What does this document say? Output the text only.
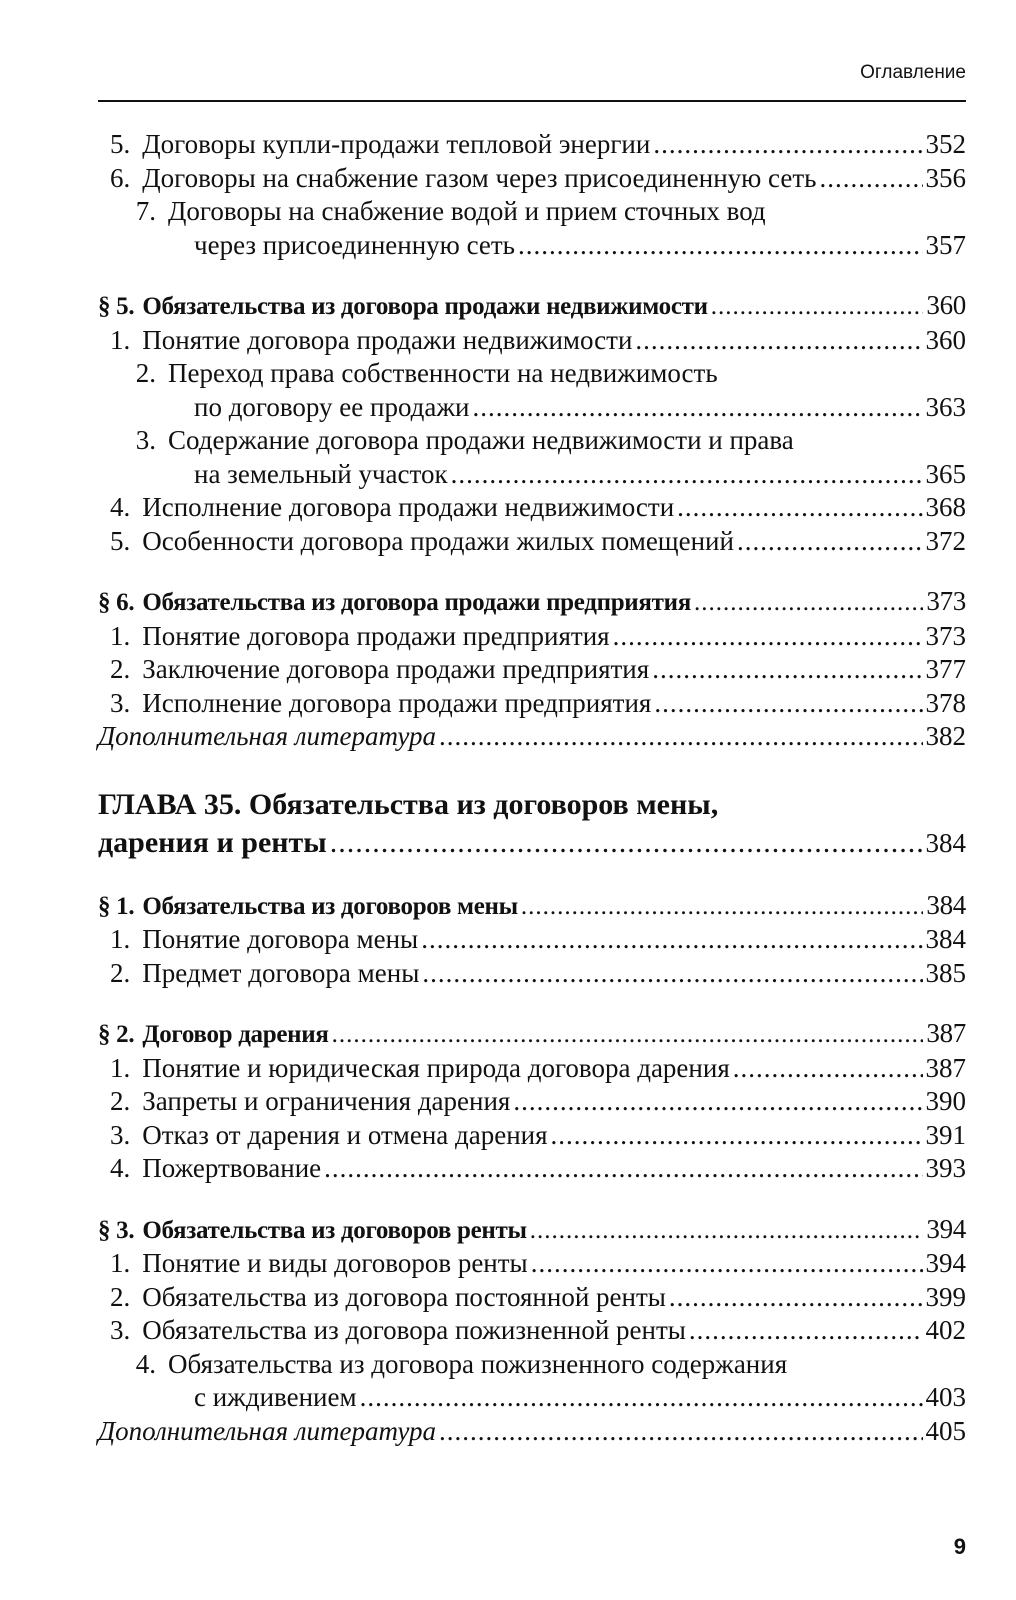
Оглавление
5. Договоры купли-продажи тепловой энергии .....	352
6. Договоры на снабжение газом через присоединенную сеть .....	356
7. Договоры на снабжение водой и прием сточных вод
через присоединенную сеть .....	357
§ 5. Обязательства из договора продажи недвижимости .....	360
1. Понятие договора продажи недвижимости .....	360
2. Переход права собственности на недвижимость
по договору ее продажи .....	363
3. Содержание договора продажи недвижимости и права
на земельный участок .....	365
4. Исполнение договора продажи недвижимости .....	368
5. Особенности договора продажи жилых помещений .....	372
§ 6. Обязательства из договора продажи предприятия .....	373
1. Понятие договора продажи предприятия .....	373
2. Заключение договора продажи предприятия .....	377
3. Исполнение договора продажи предприятия .....	378
Дополнительная литература .....	382
ГЛАВА 35. Обязательства из договоров мены,
дарения и ренты .....	384
§ 1. Обязательства из договоров мены .....	384
1. Понятие договора мены .....	384
2. Предмет договора мены .....	385
§ 2. Договор дарения .....	387
1. Понятие и юридическая природа договора дарения .....	387
2. Запреты и ограничения дарения .....	390
3. Отказ от дарения и отмена дарения .....	391
4. Пожертвование .....	393
§ 3. Обязательства из договоров ренты .....	394
1. Понятие и виды договоров ренты .....	394
2. Обязательства из договора постоянной ренты .....	399
3. Обязательства из договора пожизненной ренты .....	402
4. Обязательства из договора пожизненного содержания
с иждивением .....	403
Дополнительная литература .....	405
9
